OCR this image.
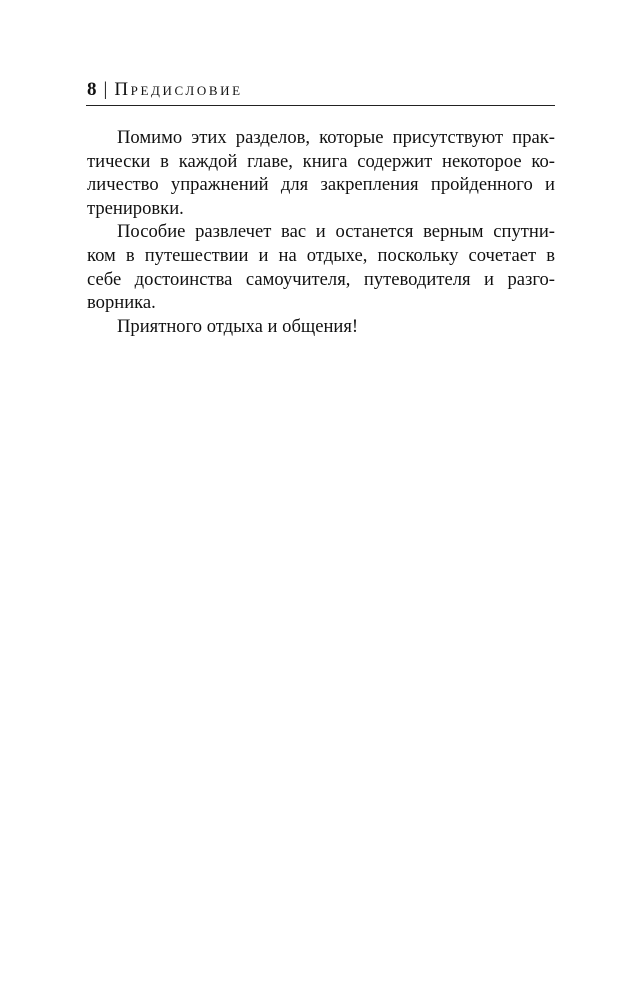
8 | Предисловие
Помимо этих разделов, которые присутствуют прак-
тически в каждой главе, книга содержит некоторое ко-
личество упражнений для закрепления пройденного и
тренировки.
Пособие развлечет вас и останется верным спутни-
ком в путешествии и на отдыхе, поскольку сочетает в
себе достоинства самоучителя, путеводителя и разго-
ворника.
Приятного отдыха и общения!
